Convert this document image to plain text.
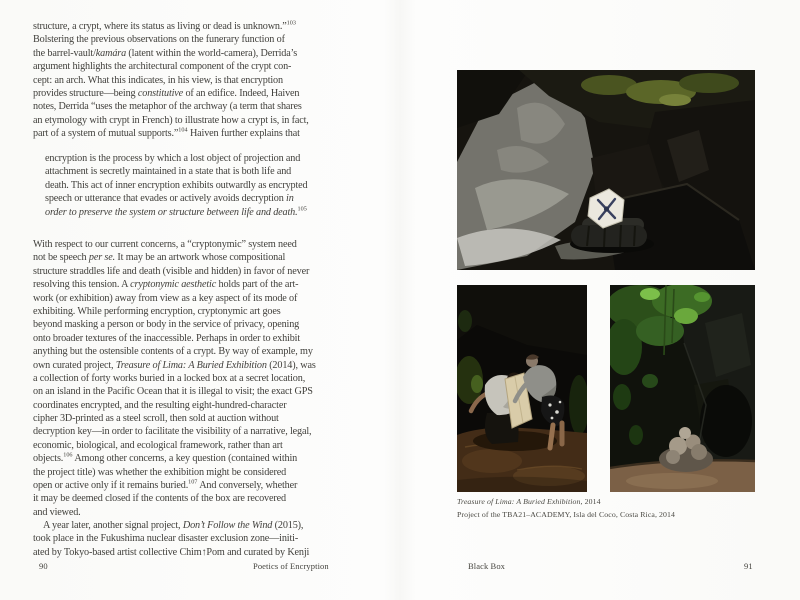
structure, a crypt, where its status as living or dead is unknown.”$^{103}$
Bolstering the previous observations on the funerary function of
the barrel-vault/kamára (latent within the world-camera), Derrida’s
argument highlights the architectural component of the crypt con-
cept: an arch. What this indicates, in his view, is that encryption
provides structure—being constitutive of an edifice. Indeed, Haiven
notes, Derrida “uses the metaphor of the archway (a term that shares
an etymology with crypt in French) to illustrate how a crypt is, in fact,
part of a system of mutual supports.”$^{104}$ Haiven further explains that
encryption is the process by which a lost object of projection and
attachment is secretly maintained in a state that is both life and
death. This act of inner encryption exhibits outwardly as encrypted
speech or utterance that evades or actively avoids decryption in
order to preserve the system or structure between life and death.$^{105}$
With respect to our current concerns, a “cryptonymic” system need
not be speech per se. It may be an artwork whose compositional
structure straddles life and death (visible and hidden) in favor of never
resolving this tension. A cryptonymic aesthetic holds part of the art-
work (or exhibition) away from view as a key aspect of its mode of
exhibiting. While performing encryption, cryptonymic art goes
beyond masking a person or body in the service of privacy, opening
onto broader textures of the inaccessible. Perhaps in order to exhibit
anything but the ostensible contents of a crypt. By way of example, my
own curated project, Treasure of Lima: A Buried Exhibition (2014), was
a collection of forty works buried in a locked box at a secret location,
on an island in the Pacific Ocean that it is illegal to visit; the exact GPS
coordinates encrypted, and the resulting eight-hundred-character
cipher 3D-printed as a steel scroll, then sold at auction without
decryption key—in order to facilitate the visibility of a narrative, legal,
economic, biological, and ecological framework, rather than art
objects.$^{106}$ Among other concerns, a key question (contained within
the project title) was whether the exhibition might be considered
open or active only if it remains buried.$^{107}$ And conversely, whether
it may be deemed closed if the contents of the box are recovered
and viewed.
A year later, another signal project, Don’t Follow the Wind (2015),
took place in the Fukushima nuclear disaster exclusion zone—initi-
ated by Tokyo-based artist collective Chim↑Pom and curated by Kenji
90	Poetics of Encryption
Treasure of Lima: A Buried Exhibition, 2014
Project of the TBA21–ACADEMY, Isla del Coco, Costa Rica, 2014
Black Box	91
